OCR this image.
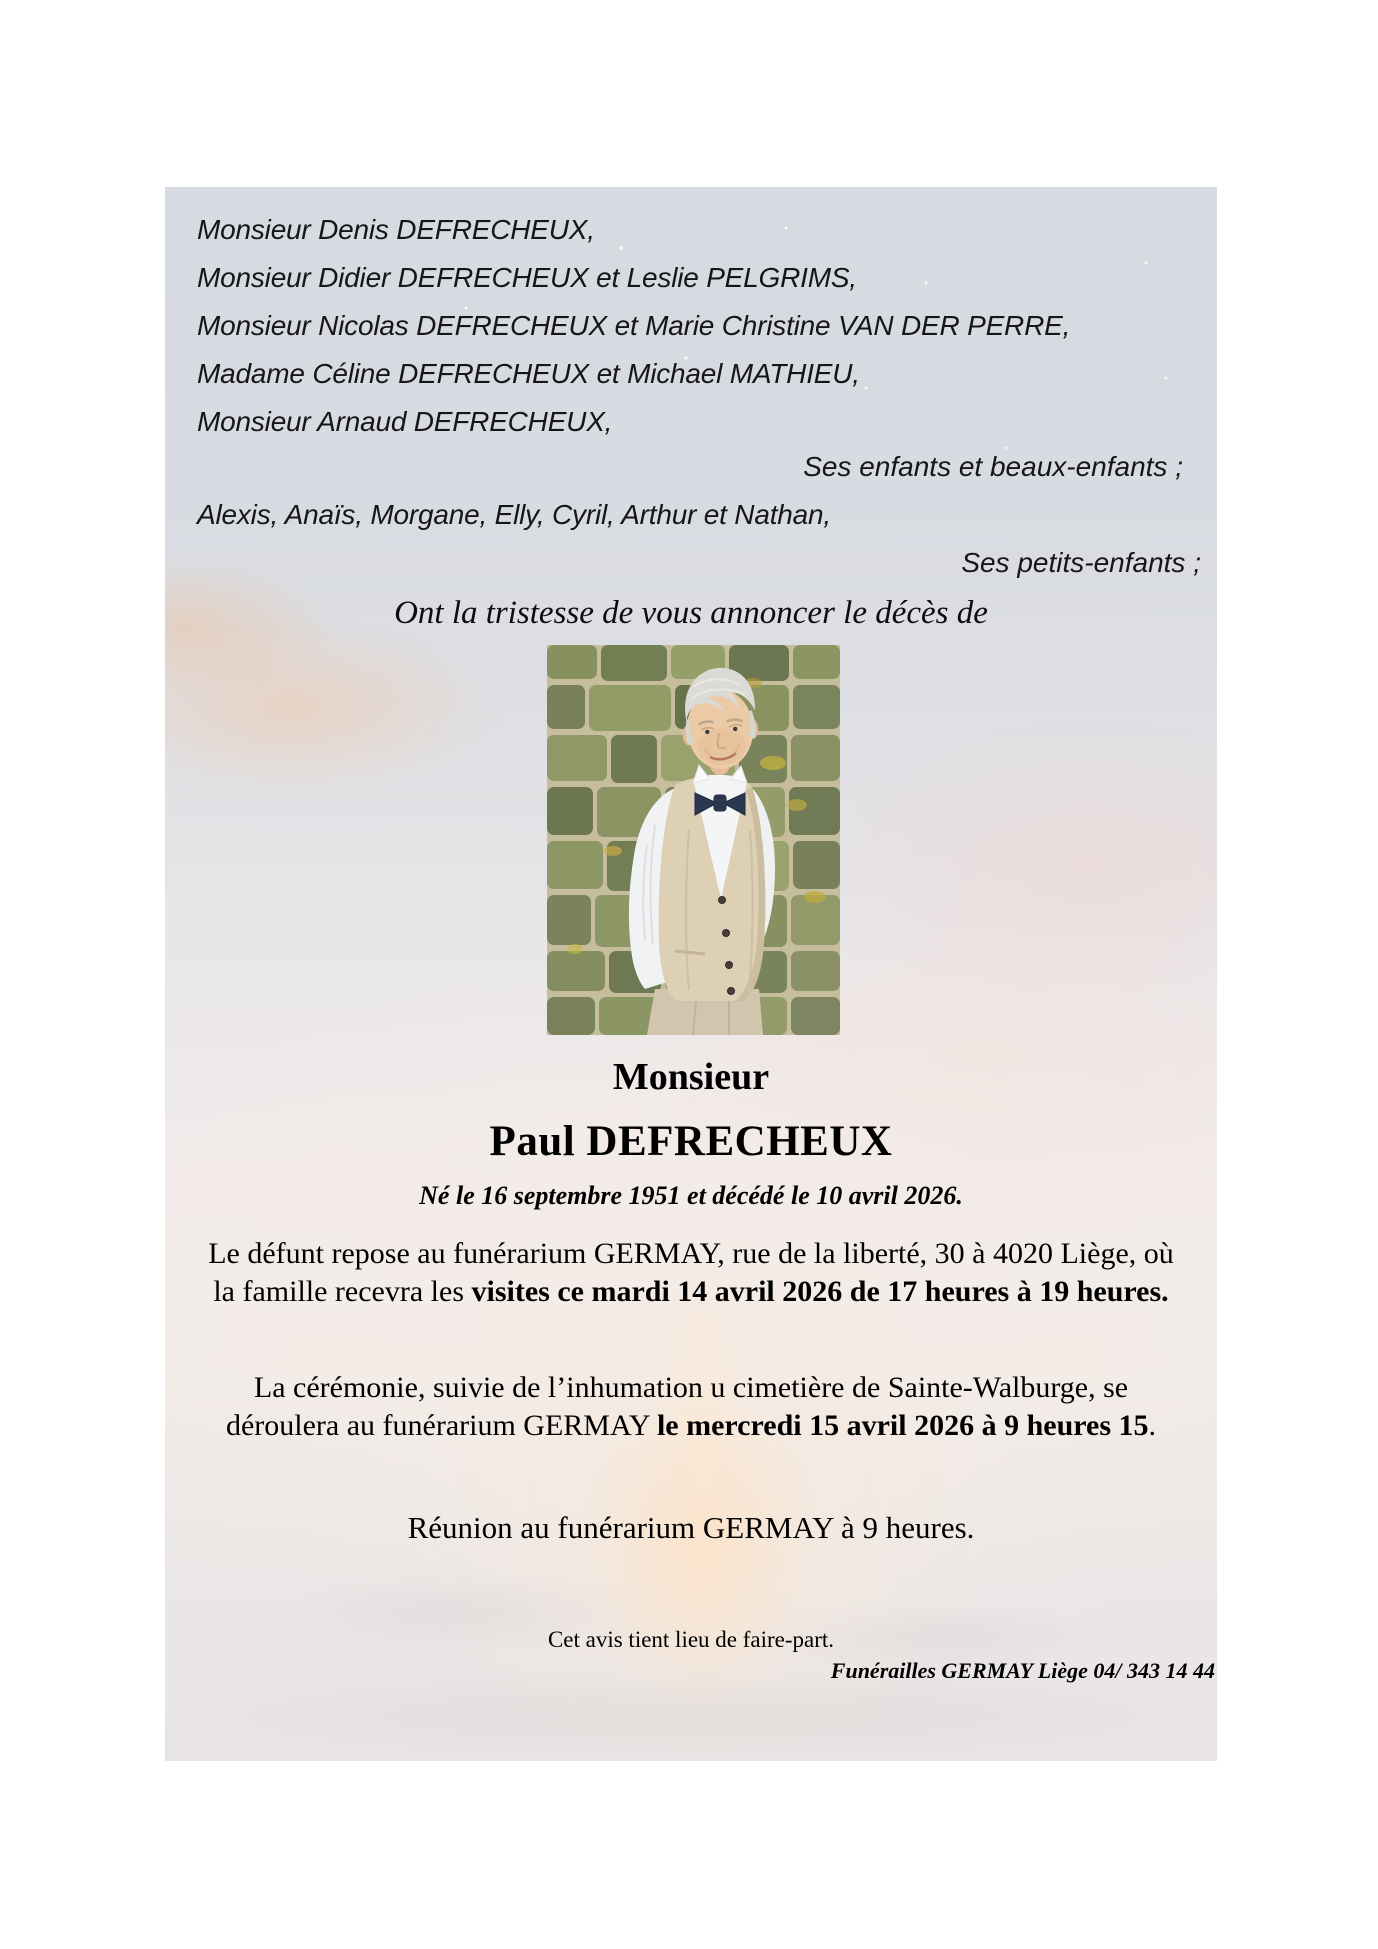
Monsieur Denis DEFRECHEUX,
Monsieur Didier DEFRECHEUX et Leslie PELGRIMS,
Monsieur Nicolas DEFRECHEUX et Marie Christine VAN DER PERRE,
Madame Céline DEFRECHEUX et Michael MATHIEU,
Monsieur Arnaud DEFRECHEUX,
Ses enfants et beaux-enfants ;
Alexis, Anaïs, Morgane, Elly, Cyril, Arthur et Nathan,
Ses petits-enfants ;
Ont la tristesse de vous annoncer le décès de
Monsieur
Paul DEFRECHEUX
Né le 16 septembre 1951 et décédé le 10 avril 2026.
Le défunt repose au funérarium GERMAY, rue de la liberté, 30 à 4020 Liège, où
la famille recevra les visites ce mardi 14 avril 2026 de 17 heures à 19 heures.
La cérémonie, suivie de l’inhumation u cimetière de Sainte-Walburge, se
déroulera au funérarium GERMAY le mercredi 15 avril 2026 à 9 heures 15.
Réunion au funérarium GERMAY à 9 heures.
Cet avis tient lieu de faire-part.
Funérailles GERMAY Liège 04/ 343 14 44
